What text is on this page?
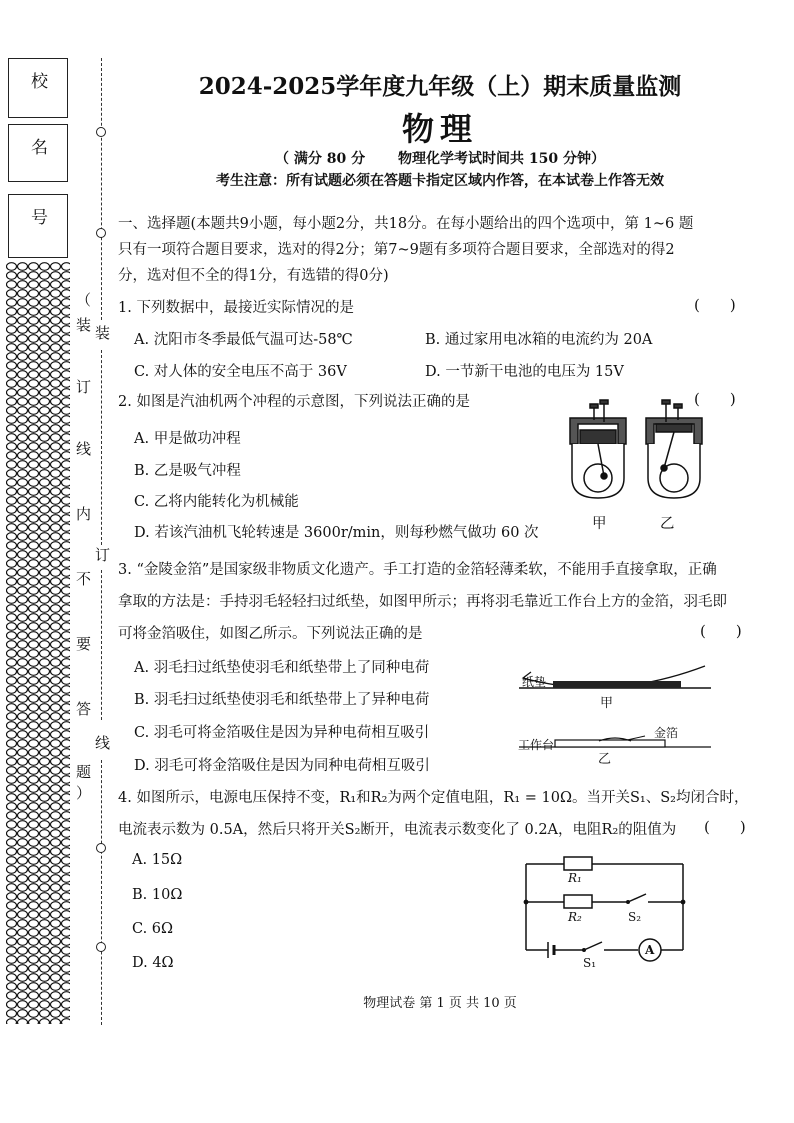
校
名
号
（
装
订
线
内
不
要
答
题
）
装
订
线
2024-2025学年度九年级（上）期末质量监测
物理
（ 满分 80 分　　 物理化学考试时间共 150 分钟）
考生注意：所有试题必须在答题卡指定区域内作答，在本试卷上作答无效
一、选择题(本题共9小题，每小题2分，共18分。在每小题给出的四个选项中，第 1~6 题
只有一项符合题目要求，选对的得2分；第7~9题有多项符合题目要求，全部选对的得2
分，选对但不全的得1分，有选错的得0分)
1. 下列数据中，最接近实际情况的是	(　　)
A. 沈阳市冬季最低气温可达-58℃	B. 通过家用电冰箱的电流约为 20A
C. 对人体的安全电压不高于 36V	D. 一节新干电池的电压为 15V
2. 如图是汽油机两个冲程的示意图，下列说法正确的是	(　　)
A. 甲是做功冲程
B. 乙是吸气冲程
C. 乙将内能转化为机械能
D. 若该汽油机飞轮转速是 3600r/min，则每秒燃气做功 60 次
甲	乙
3. “金陵金箔”是国家级非物质文化遗产。手工打造的金箔轻薄柔软，不能用手直接拿取，正确
拿取的方法是：手持羽毛轻轻扫过纸垫，如图甲所示；再将羽毛靠近工作台上方的金箔，羽毛即
可将金箔吸住，如图乙所示。下列说法正确的是	(　　)
A. 羽毛扫过纸垫使羽毛和纸垫带上了同种电荷
B. 羽毛扫过纸垫使羽毛和纸垫带上了异种电荷
C. 羽毛可将金箔吸住是因为异种电荷相互吸引
D. 羽毛可将金箔吸住是因为同种电荷相互吸引
纸垫
甲
工作台
金箔
乙
4. 如图所示，电源电压保持不变，R₁和R₂为两个定值电阻，R₁ = 10Ω。当开关S₁、S₂均闭合时，
电流表示数为 0.5A，然后只将开关S₂断开，电流表示数变化了 0.2A，电阻R₂的阻值为 (　　)
A. 15Ω
B. 10Ω
C. 6Ω
D. 4Ω
R₁
R₂	S₂
S₁
A
物理试卷 第 1 页 共 10 页
